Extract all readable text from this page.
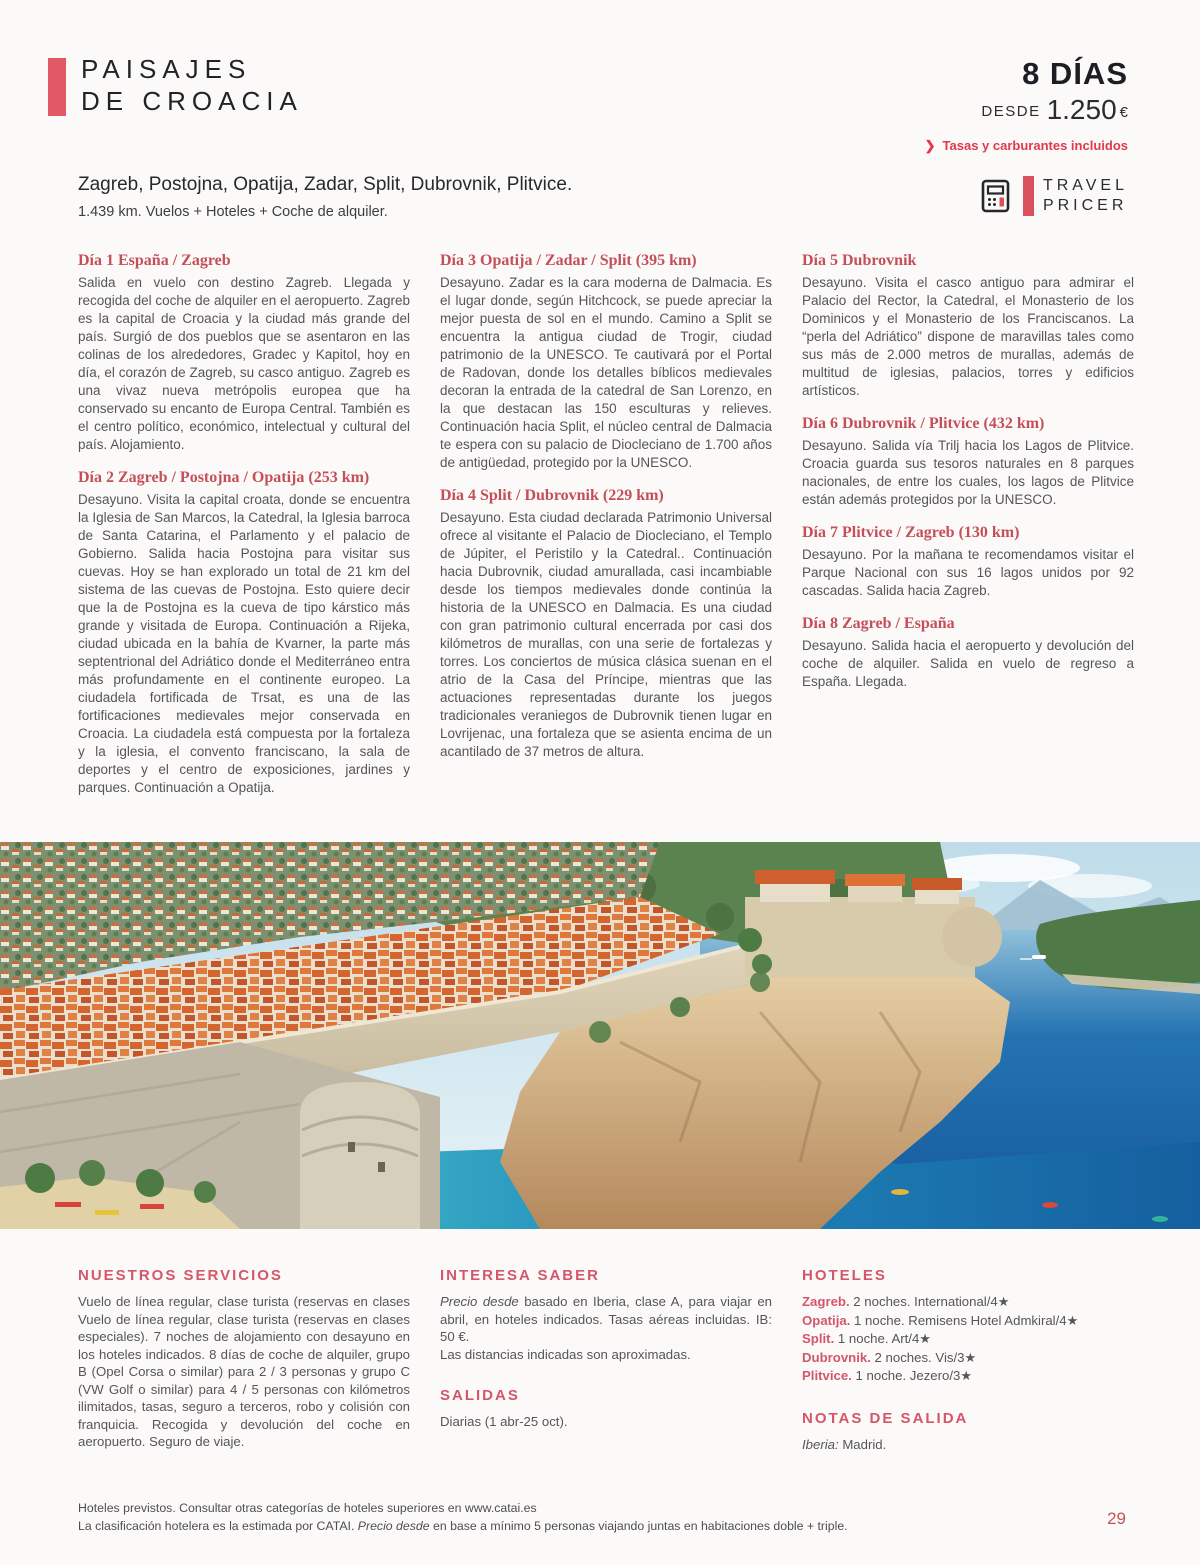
PAISAJES
DE CROACIA
8 DÍAS
DESDE 1.250 €
❯ Tasas y carburantes incluidos
Zagreb, Postojna, Opatija, Zadar, Split, Dubrovnik, Plitvice.
1.439 km. Vuelos + Hoteles + Coche de alquiler.
TRAVEL
PRICER
Día 1 España / Zagreb

Salida en vuelo con destino Zagreb. Llegada y recogida del coche de alquiler en el aeropuerto. Zagreb es la capital de Croacia y la ciudad más grande del país. Surgió de dos pueblos que se asentaron en las colinas de los alrededores, Gradec y Kapitol, hoy en día, el corazón de Zagreb, su casco antiguo. Zagreb es una vivaz nueva metrópolis europea que ha conservado su encanto de Europa Central. También es el centro político, económico, intelectual y cultural del país. Alojamiento.

Día 2 Zagreb / Postojna / Opatija (253 km)

Desayuno. Visita la capital croata, donde se encuentra la Iglesia de San Marcos, la Catedral, la Iglesia barroca de Santa Catarina, el Parlamento y el palacio de Gobierno. Salida hacia Postojna para visitar sus cuevas. Hoy se han explorado un total de 21 km del sistema de las cuevas de Postojna. Esto quiere decir que la de Postojna es la cueva de tipo kárstico más grande y visitada de Europa. Continuación a Rijeka, ciudad ubicada en la bahía de Kvarner, la parte más septentrional del Adriático donde el Mediterráneo entra más profundamente en el continente europeo. La ciudadela fortificada de Trsat, es una de las fortificaciones medievales mejor conservada en Croacia. La ciudadela está compuesta por la fortaleza y la iglesia, el convento franciscano, la sala de deportes y el centro de exposiciones, jardines y parques. Continuación a Opatija.

Día 3 Opatija / Zadar / Split (395 km)

Desayuno. Zadar es la cara moderna de Dalmacia. Es el lugar donde, según Hitchcock, se puede apreciar la mejor puesta de sol en el mundo. Camino a Split se encuentra la antigua ciudad de Trogir, ciudad patrimonio de la UNESCO. Te cautivará por el Portal de Radovan, donde los detalles bíblicos medievales decoran la entrada de la catedral de San Lorenzo, en la que destacan las 150 esculturas y relieves. Continuación hacia Split, el núcleo central de Dalmacia te espera con su palacio de Diocleciano de 1.700 años de antigüedad, protegido por la UNESCO.

Día 4 Split / Dubrovnik (229 km)

Desayuno. Esta ciudad declarada Patrimonio Universal ofrece al visitante el Palacio de Diocleciano, el Templo de Júpiter, el Peristilo y la Catedral.. Continuación hacia Dubrovnik, ciudad amurallada, casi incambiable desde los tiempos medievales donde continúa la historia de la UNESCO en Dalmacia. Es una ciudad con gran patrimonio cultural encerrada por casi dos kilómetros de murallas, con una serie de fortalezas y torres. Los conciertos de música clásica suenan en el atrio de la Casa del Príncipe, mientras que las actuaciones representadas durante los juegos tradicionales veraniegos de Dubrovnik tienen lugar en Lovrijenac, una fortaleza que se asienta encima de un acantilado de 37 metros de altura.

Día 5 Dubrovnik

Desayuno. Visita el casco antiguo para admirar el Palacio del Rector, la Catedral, el Monasterio de los Dominicos y el Monasterio de los Franciscanos. La “perla del Adriático” dispone de maravillas tales como sus más de 2.000 metros de murallas, además de multitud de iglesias, palacios, torres y edificios artísticos.

Día 6 Dubrovnik / Plitvice (432 km)

Desayuno. Salida vía Trilj hacia los Lagos de Plitvice. Croacia guarda sus tesoros naturales en 8 parques nacionales, de entre los cuales, los lagos de Plitvice están además protegidos por la UNESCO.

Día 7 Plitvice / Zagreb (130 km)

Desayuno. Por la mañana te recomendamos visitar el Parque Nacional con sus 16 lagos unidos por 92 cascadas. Salida hacia Zagreb.

Día 8 Zagreb / España

Desayuno. Salida hacia el aeropuerto y devolución del coche de alquiler. Salida en vuelo de regreso a España. Llegada.

NUESTROS SERVICIOS

Vuelo de línea regular, clase turista (reservas en clases Vuelo de línea regular, clase turista (reservas en clases especiales). 7 noches de alojamiento con desayuno en los hoteles indicados. 8 días de coche de alquiler, grupo B (Opel Corsa o similar) para 2 / 3 personas y grupo C (VW Golf o similar) para 4 / 5 personas con kilómetros ilimitados, tasas, seguro a terceros, robo y colisión con franquicia. Recogida y devolución del coche en aeropuerto. Seguro de viaje.

INTERESA SABER

Precio desde basado en Iberia, clase A, para viajar en abril, en hoteles indicados. Tasas aéreas incluidas. IB: 50 €.

Las distancias indicadas son aproximadas.

SALIDAS

Diarias (1 abr-25 oct).

HOTELES
Zagreb. 2 noches. International/4★
Opatija. 1 noche. Remisens Hotel Admkiral/4★
Split. 1 noche. Art/4★
Dubrovnik. 2 noches. Vis/3★
Plitvice. 1 noche. Jezero/3★
NOTAS DE SALIDA

Iberia: Madrid.

Hoteles previstos. Consultar otras categorías de hoteles superiores en www.catai.es
La clasificación hotelera es la estimada por CATAI. Precio desde en base a mínimo 5 personas viajando juntas en habitaciones doble + triple.	29
